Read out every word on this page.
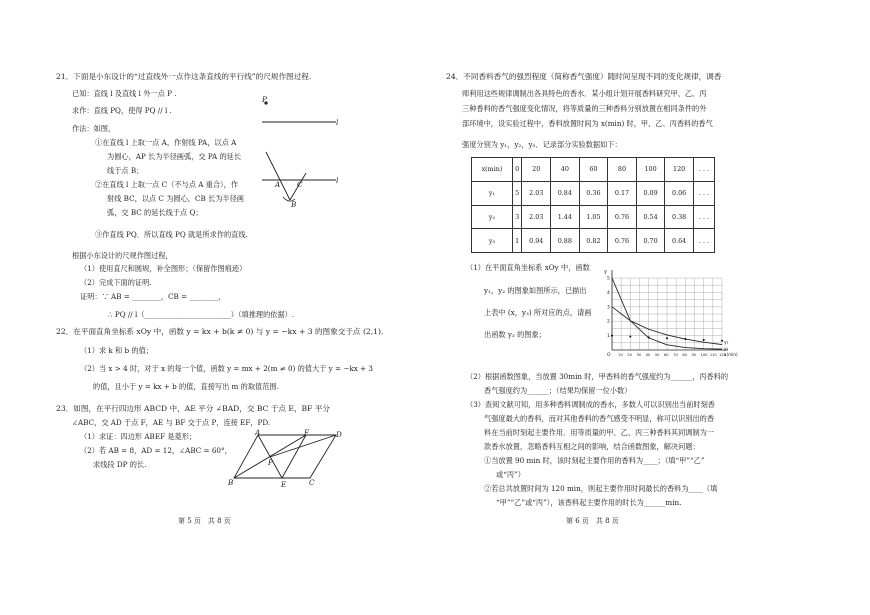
21．下面是小东设计的“过直线外一点作这条直线的平行线”的尺规作图过程.
已知：直线 l 及直线 l 外一点 P .
求作：直线 PQ，使得 PQ // l .
作法：如图，
①在直线 l 上取一点 A，作射线 PA，以点 A
为圆心，AP 长为半径画弧，交 PA 的延长
线于点 B；
②在直线 l 上取一点 C（不与点 A 重合），作
射线 BC，以点 C 为圆心，CB 长为半径画
弧，交 BC 的延长线于点 Q；
③作直线 PQ．所以直线 PQ 就是所求作的直线.
P
l
l
A C
B
根据小东设计的尺规作图过程，
（1）使用直尺和圆规，补全图形；（保留作图痕迹）
（2）完成下面的证明.
证明：∵ AB = ________，CB = ________，
∴ PQ // l（________________________）（填推理的依据）.
22．在平面直角坐标系 xOy 中，函数 y = kx + b(k ≠ 0) 与 y = −kx + 3 的图象交于点 (2,1).
（1）求 k 和 b 的值；
（2）当 x > 4 时，对于 x 的每一个值，函数 y = mx + 2(m ≠ 0) 的值大于 y = −kx + 3
的值，且小于 y = kx + b 的值，直接写出 m 的取值范围.
23．如图，在平行四边形 ABCD 中，AE 平分 ∠BAD，交 BC 于点 E，BF 平分
∠ABC，交 AD 于点 F，AE 与 BF 交于点 P，连接 EF，PD.
（1）求证：四边形 ABEF 是菱形；
（2）若 AB = 8，AD = 12，∠ABC = 60°，
求线段 DP 的长.
A	F	D
P
B	E	C
第 5 页　共 8 页
24．不同香料香气的强烈程度（简称香气强度）随时间呈现不同的变化规律，调香
师利用这些规律调制出各具特色的香水．某小组计划开展香料研究甲、乙、丙
三种香料的香气强度变化情况，将等质量的三种香料分别放置在相同条件的外
部环境中，设实验过程中，香料放置时间为 x(min) 时，甲、乙、丙香料的香气
强度分别为 y₁，y₂，y₃．记录部分实验数据如下：
x(min)	0	20	40	60	80	100	120	. . .
y₁	5	2.03	0.84	0.36	0.17	0.09	0.06	. . .
y₂	3	2.03	1.44	1.05	0.76	0.54	0.38	. . .
y₃	1	0.94	0.88	0.82	0.76	0.70	0.64	. . .
（1）在平面直角坐标系 xOy 中，函数
y₁，y₂ 的图象如图所示，已描出
上表中 (x，y₃) 所对应的点，请画
出函数 y₃ 的图象；	1
2
3
4
5
10 20 30 40 50 60 70 80 90 100 110 120
O
y
x(min)
y₁
y₂
（2）根据函数图象，当放置 30min 时，甲香料的香气强度约为______，丙香料的
香气强度约为______；（结果均保留一位小数）
（3）查阅文献可知，用多种香料调制成的香水，多数人可以识别出当前时刻香
气强度最大的香料，而对其他香料的香气感受不明显，称可以识别出的香
料在当前时刻起主要作用．用等质量的甲、乙、丙三种香料其同调制为一
款香水放置，忽略香料互相之间的影响，结合函数图象，解决问题：
①当放置 90 min 时，该时刻起主要作用的香料为____；（填“甲”“乙”
或“丙”）
②若总共放置时间为 120 min，则起主要作用时间最长的香料为____（填
“甲”“乙”或“丙”），该香料起主要作用的时长为______min.
第 6 页　共 8 页
